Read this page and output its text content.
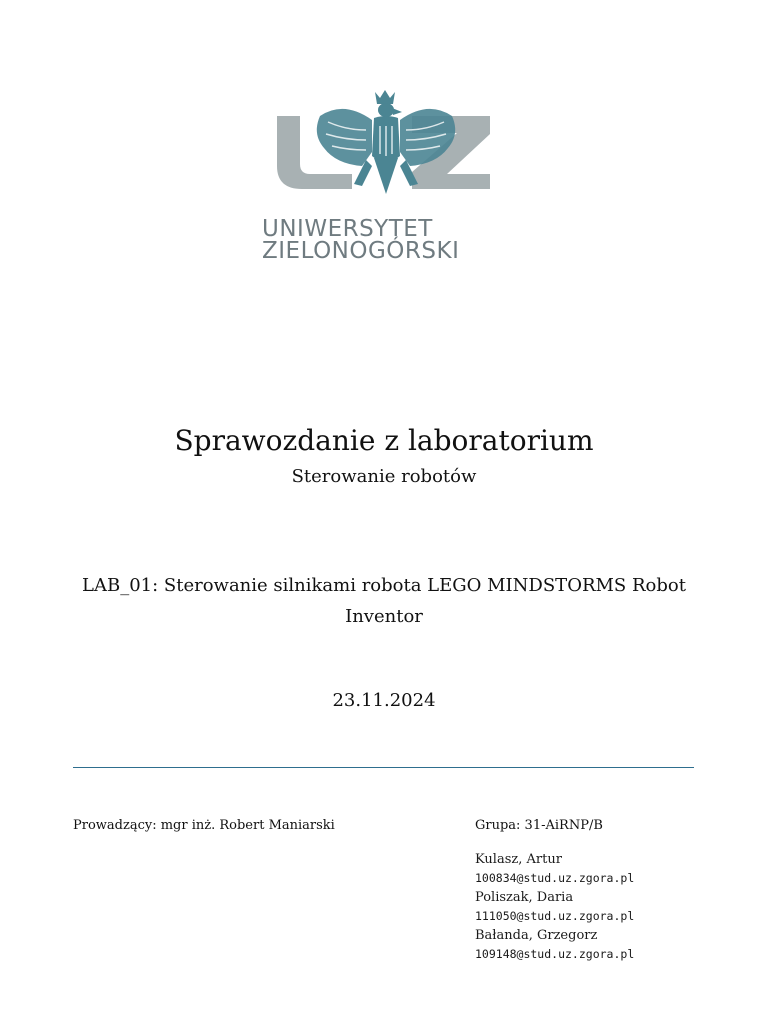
UNIWERSYTET
ZIELONOGÓRSKI
Sprawozdanie z laboratorium
Sterowanie robotów
LAB_01: Sterowanie silnikami robota LEGO MINDSTORMS Robot Inventor
23.11.2024
Prowadzący: mgr inż. Robert Maniarski	Grupa: 31-AiRNP/B
Kulasz, Artur
100834@stud.uz.zgora.pl
Poliszak, Daria
111050@stud.uz.zgora.pl
Bałanda, Grzegorz
109148@stud.uz.zgora.pl
